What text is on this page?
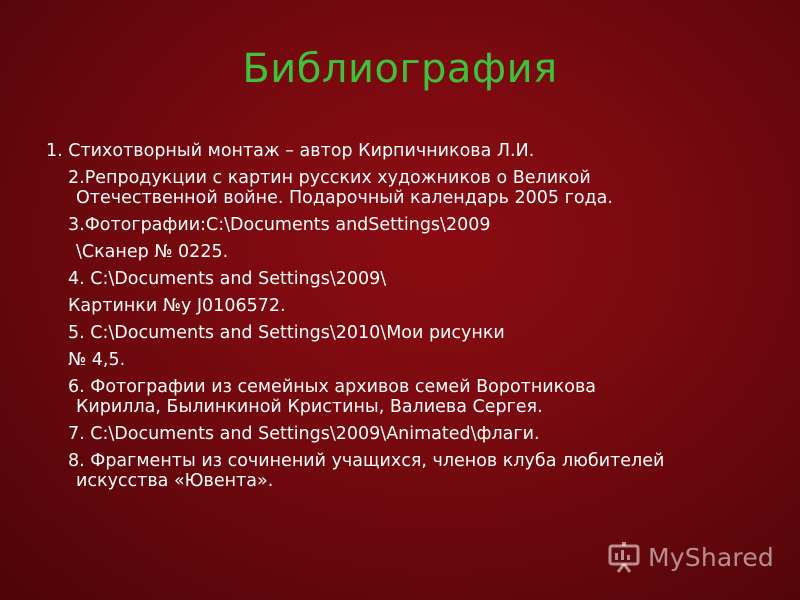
Библиография
1. Стихотворный монтаж – автор Кирпичникова Л.И.
2.Репродукции с картин русских художников о Великой
Отечественной войне. Подарочный календарь 2005 года.
3.Фотографии:C:\Documents andSettings\2009
\Сканер № 0225.
4. C:\Documents and Settings\2009\
Картинки №у J0106572.
5. C:\Documents and Settings\2010\Мои рисунки
№ 4,5.
6. Фотографии из семейных архивов семей Воротникова
Кирилла, Былинкиной Кристины, Валиева Сергея.
7. C:\Documents and Settings\2009\Animated\флаги.
8. Фрагменты из сочинений учащихся, членов клуба любителей
искусства «Ювента».
MyShared
